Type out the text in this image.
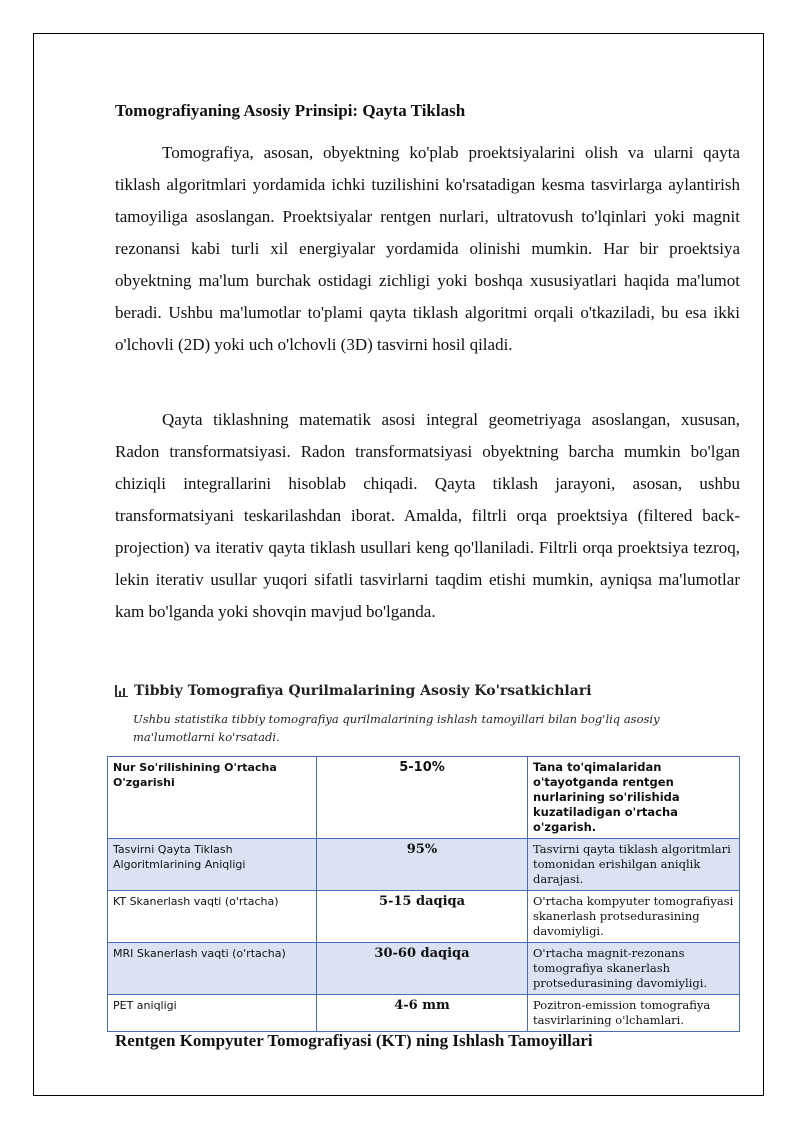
Tomografiyaning Asosiy Prinsipi: Qayta Tiklash

Tomografiya, asosan, obyektning ko'plab proektsiyalarini olish va ularni qayta tiklash algoritmlari yordamida ichki tuzilishini ko'rsatadigan kesma tasvirlarga aylantirish tamoyiliga asoslangan. Proektsiyalar rentgen nurlari, ultratovush to'lqinlari yoki magnit rezonansi kabi turli xil energiyalar yordamida olinishi mumkin. Har bir proektsiya obyektning ma'lum burchak ostidagi zichligi yoki boshqa xususiyatlari haqida ma'lumot beradi. Ushbu ma'lumotlar to'plami qayta tiklash algoritmi orqali o'tkaziladi, bu esa ikki o'lchovli (2D) yoki uch o'lchovli (3D) tasvirni hosil qiladi.

Qayta tiklashning matematik asosi integral geometriyaga asoslangan, xususan, Radon transformatsiyasi. Radon transformatsiyasi obyektning barcha mumkin bo'lgan chiziqli integrallarini hisoblab chiqadi. Qayta tiklash jarayoni, asosan, ushbu transformatsiyani teskarilashdan iborat. Amalda, filtrli orqa proektsiya (filtered back-projection) va iterativ qayta tiklash usullari keng qo'llaniladi. Filtrli orqa proektsiya tezroq, lekin iterativ usullar yuqori sifatli tasvirlarni taqdim etishi mumkin, ayniqsa ma'lumotlar kam bo'lganda yoki shovqin mavjud bo'lganda.

Tibbiy Tomografiya Qurilmalarining Asosiy Ko'rsatkichlari
Ushbu statistika tibbiy tomografiya qurilmalarining ishlash tamoyillari bilan bog'liq asosiy ma'lumotlarni ko'rsatadi.
Nur So'rilishining O'rtacha O'zgarishi	5-10%	Tana to'qimalaridan o'tayotganda rentgen nurlarining so'rilishida kuzatiladigan o'rtacha o'zgarish.
Tasvirni Qayta Tiklash Algoritmlarining Aniqligi	95%	Tasvirni qayta tiklash algoritmlari tomonidan erishilgan aniqlik darajasi.
KT Skanerlash vaqti (o'rtacha)	5-15 daqiqa	O'rtacha kompyuter tomografiyasi skanerlash protsedurasining davomiyligi.
MRI Skanerlash vaqti (o'rtacha)	30-60 daqiqa	O'rtacha magnit-rezonans tomografiya skanerlash protsedurasining davomiyligi.
PET aniqligi	4-6 mm	Pozitron-emission tomografiya tasvirlarining o'lchamlari.
Rentgen Kompyuter Tomografiyasi (KT) ning Ishlash Tamoyillari
